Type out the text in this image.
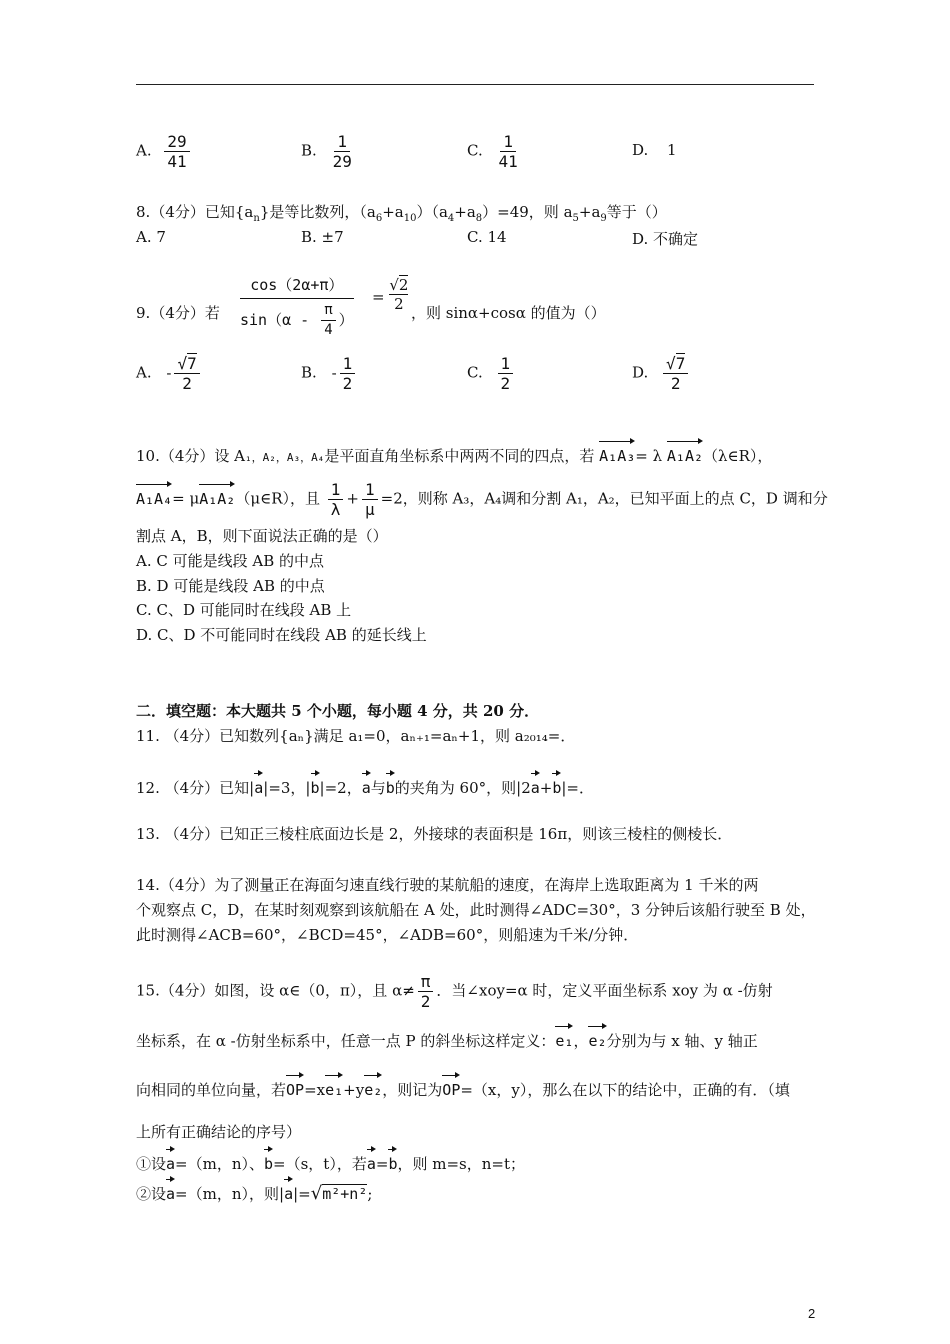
A. $\frac{29}{41}$	B. $\frac{1}{29}$	C. $\frac{1}{41}$	D. 1
8.（4分）已知$\{a_n\}$是等比数列，$(a_6+a_{10})(a_4+a_8)=49$，则 $a_5+a_9$等于（）
A. 7	B. ±7	C. 14	D. 不确定
9.（4分）若 $\frac{\cos(2\alpha+\pi)}{\sin(\alpha - \frac{\pi}{4} )} = \frac{√2}{2}$ ，则 sinα+cosα 的值为（）
A. - $\frac{√7}{2}$	B. - $\frac{1}{2}$	C. $\frac{1}{2}$	D. $\frac{√7}{2}$
10.（4分）设 A₁，A₂，A₃，A₄是平面直角坐标系中两两不同的四点，若 A₁A₃= λ A₁A₂（λ∈R），
A₁A₄= μA₁A₂（μ∈R），且 $\frac{1}{\lambda} + \frac{1}{\mu} =2$，则称 A₃，A₄调和分割 A₁，A₂，已知平面上的点 C，D 调和分
割点 A，B，则下面说法正确的是（）
A. C 可能是线段 AB 的中点
B. D 可能是线段 AB 的中点
C. C、D 可能同时在线段 AB 上
D. C、D 不可能同时在线段 AB 的延长线上
二．填空题：本大题共 5 个小题，每小题 4 分，共 20 分．
11. （4分）已知数列{aₙ}满足 a₁=0，aₙ₊₁=aₙ+1，则 a₂₀₁₄=．
12. （4分）已知|a|=3，|b|=2，a与b的夹角为 60°，则|2a+b|=．
13. （4分）已知正三棱柱底面边长是 2，外接球的表面积是 16π，则该三棱柱的侧棱长．
14.（4分）为了测量正在海面匀速直线行驶的某航船的速度，在海岸上选取距离为 1 千米的两
个观察点 C，D，在某时刻观察到该航船在 A 处，此时测得∠ADC=30°，3 分钟后该船行驶至 B 处，
此时测得∠ACB=60°，∠BCD=45°，∠ADB=60°，则船速为千米/分钟．
15.（4分）如图，设 α∈（0，π），且 $\alpha\ne \frac{\pi}{2}$ ．当∠xoy=α 时，定义平面坐标系 xoy 为 α -仿射
坐标系，在 α -仿射坐标系中，任意一点 P 的斜坐标这样定义：e₁，e₂分别为与 x 轴、y 轴正
向相同的单位向量，若OP=xe₁+ye₂，则记为OP=（x，y），那么在以下的结论中，正确的有．（填
上所有正确结论的序号）
①设a=（m，n）、b=（s，t），若a=b，则 m=s，n=t；
②设a=（m，n），则|a|=√m²+n²;
2
